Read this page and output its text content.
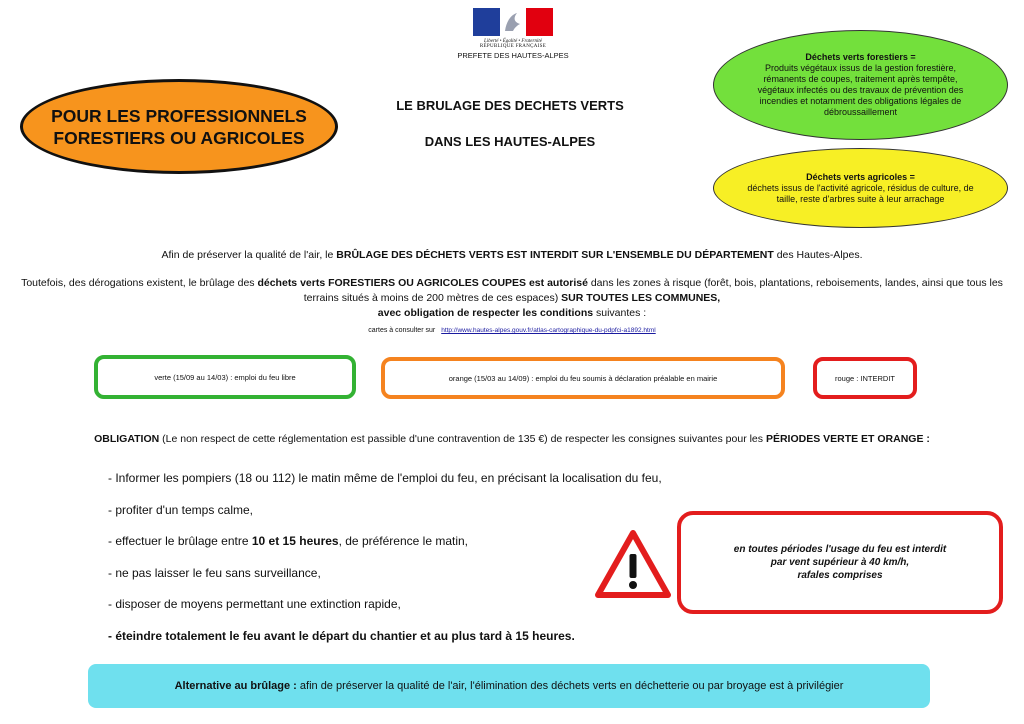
Liberté • Égalité • Fraternité
RÉPUBLIQUE FRANÇAISE
PREFETE DES HAUTES-ALPES
POUR LES PROFESSIONNELS
FORESTIERS OU AGRICOLES
LE BRULAGE DES DECHETS VERTS
DANS LES HAUTES-ALPES
Déchets verts forestiers =
Produits végétaux issus de la gestion forestière, rémanents de coupes, traitement après tempête, végétaux infectés ou des travaux de prévention des incendies et notamment des obligations légales de débroussaillement
Déchets verts agricoles =
déchets issus de l'activité agricole, résidus de culture, de taille, reste d'arbres suite à leur arrachage
Afin de préserver la qualité de l'air, le BRÛLAGE DES DÉCHETS VERTS EST INTERDIT SUR L'ENSEMBLE DU DÉPARTEMENT des Hautes-Alpes.
Toutefois, des dérogations existent, le brûlage des déchets verts FORESTIERS OU AGRICOLES COUPES est autorisé dans les zones à risque (forêt, bois, plantations, reboisements, landes, ainsi que tous les terrains situés à moins de 200 mètres de ces espaces) SUR TOUTES LES COMMUNES,
avec obligation de respecter les conditions suivantes :
cartes à consulter sur http://www.hautes-alpes.gouv.fr/atlas-cartographique-du-pdpfci-a1892.html
verte (15/09 au 14/03) : emploi du feu libre	orange (15/03 au 14/09) : emploi du feu soumis à déclaration préalable en mairie	rouge : INTERDIT
OBLIGATION (Le non respect de cette réglementation est passible d'une contravention de 135 €) de respecter les consignes suivantes pour les PÉRIODES VERTE ET ORANGE :
- Informer les pompiers (18 ou 112) le matin même de l'emploi du feu, en précisant la localisation du feu,
- profiter d'un temps calme,
- effectuer le brûlage entre 10 et 15 heures, de préférence le matin,
- ne pas laisser le feu sans surveillance,
- disposer de moyens permettant une extinction rapide,
- éteindre totalement le feu avant le départ du chantier et au plus tard à 15 heures.
en toutes périodes l'usage du feu est interdit
par vent supérieur à 40 km/h,
rafales comprises
Alternative au brûlage : afin de préserver la qualité de l'air, l'élimination des déchets verts en déchetterie ou par broyage est à privilégier
